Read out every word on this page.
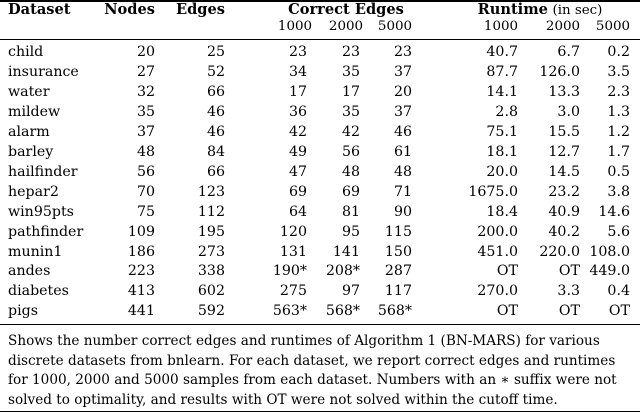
Dataset	Nodes	Edges	Correct Edges	Runtime (in sec)
1000	2000	5000	1000	2000	5000
child	20	25	23	23	23	40.7	6.7	0.2
insurance	27	52	34	35	37	87.7	126.0	3.5
water	32	66	17	17	20	14.1	13.3	2.3
mildew	35	46	36	35	37	2.8	3.0	1.3
alarm	37	46	42	42	46	75.1	15.5	1.2
barley	48	84	49	56	61	18.1	12.7	1.7
hailfinder	56	66	47	48	48	20.0	14.5	0.5
hepar2	70	123	69	69	71	1675.0	23.2	3.8
win95pts	75	112	64	81	90	18.4	40.9	14.6
pathfinder	109	195	120	95	115	200.0	40.2	5.6
munin1	186	273	131	141	150	451.0	220.0 108.0
andes	223	338	190*	208*	287	OT	OT 449.0
diabetes	413	602	275	97	117	270.0	3.3	0.4
pigs	441	592	563*	568*	568*	OT	OT	OT

Shows the number correct edges and runtimes of Algorithm 1 (BN-MARS) for various discrete datasets from bnlearn. For each dataset, we report correct edges and runtimes for 1000, 2000 and 5000 samples from each dataset. Numbers with an ∗ suffix were not solved to optimality, and results with OT were not solved within the cutoff time.
